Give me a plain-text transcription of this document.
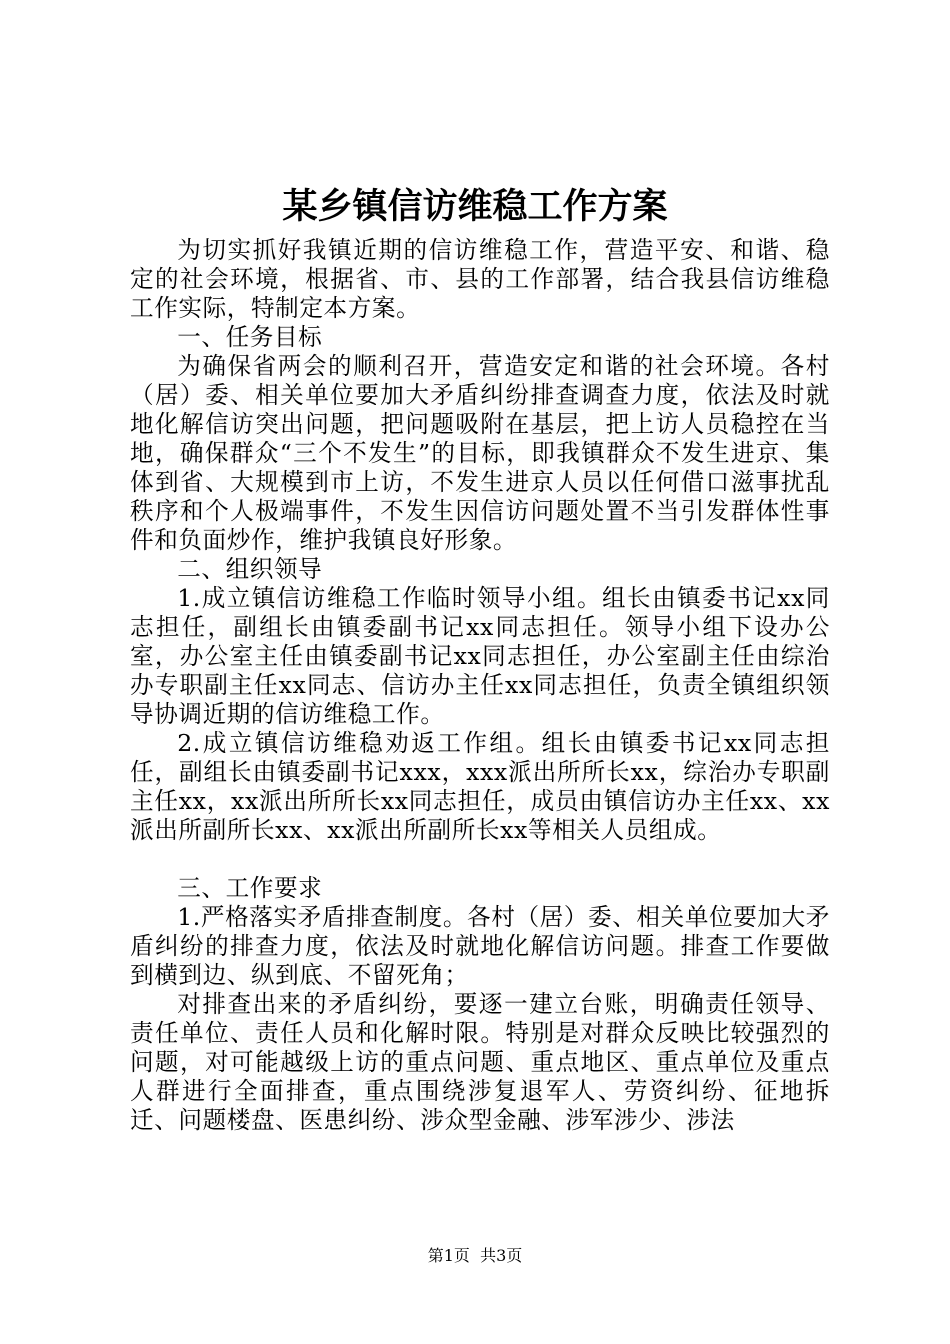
某乡镇信访维稳工作方案

为切实抓好我镇近期的信访维稳工作，营造平安、和谐、稳定的社会环境，根据省、市、县的工作部署，结合我县信访维稳工作实际，特制定本方案。

一、任务目标

为确保省两会的顺利召开，营造安定和谐的社会环境。各村（居）委、相关单位要加大矛盾纠纷排查调查力度，依法及时就地化解信访突出问题，把问题吸附在基层，把上访人员稳控在当地，确保群众“三个不发生”的目标，即我镇群众不发生进京、集体到省、大规模到市上访，不发生进京人员以任何借口滋事扰乱秩序和个人极端事件，不发生因信访问题处置不当引发群体性事件和负面炒作，维护我镇良好形象。

二、组织领导

1.成立镇信访维稳工作临时领导小组。组长由镇委书记xx同志担任，副组长由镇委副书记xx同志担任。领导小组下设办公室，办公室主任由镇委副书记xx同志担任，办公室副主任由综治办专职副主任xx同志、信访办主任xx同志担任，负责全镇组织领导协调近期的信访维稳工作。

2.成立镇信访维稳劝返工作组。组长由镇委书记xx同志担任，副组长由镇委副书记xxx，xxx派出所所长xx，综治办专职副主任xx，xx派出所所长xx同志担任，成员由镇信访办主任xx、xx派出所副所长xx、xx派出所副所长xx等相关人员组成。

三、工作要求

1.严格落实矛盾排查制度。各村（居）委、相关单位要加大矛盾纠纷的排查力度，依法及时就地化解信访问题。排查工作要做到横到边、纵到底、不留死角；

对排查出来的矛盾纠纷，要逐一建立台账，明确责任领导、责任单位、责任人员和化解时限。特别是对群众反映比较强烈的问题，对可能越级上访的重点问题、重点地区、重点单位及重点人群进行全面排查，重点围绕涉复退军人、劳资纠纷、征地拆迁、问题楼盘、医患纠纷、涉众型金融、涉军涉少、涉法

第1页 共3页
